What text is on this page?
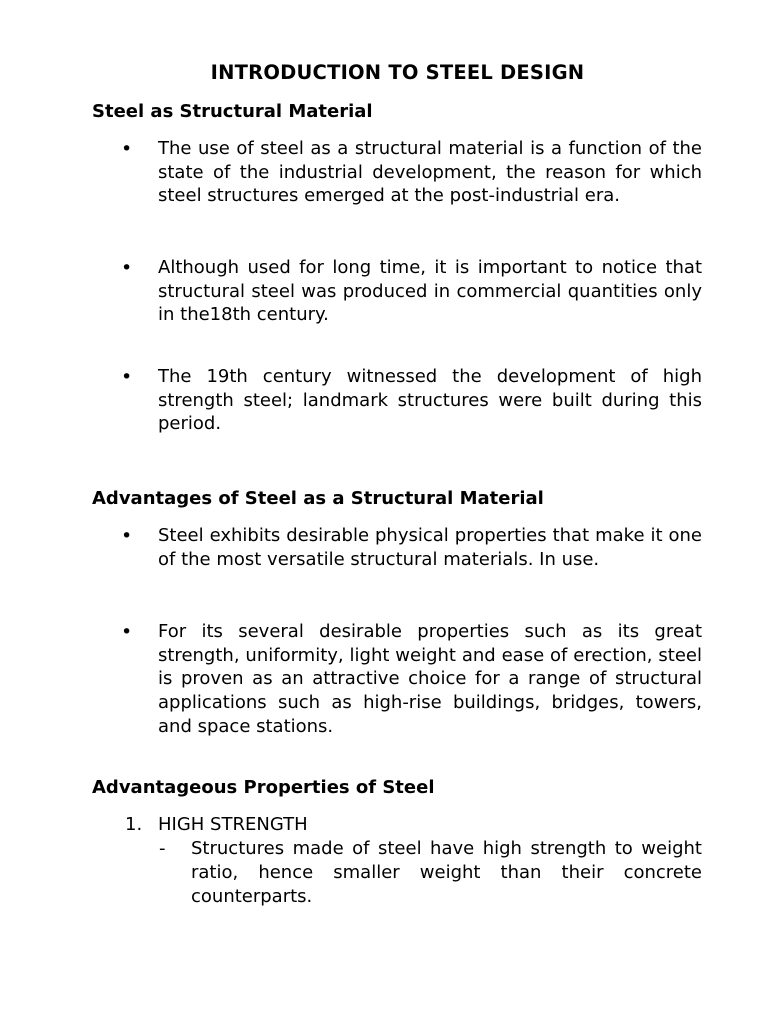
INTRODUCTION TO STEEL DESIGN
Steel as Structural Material
• The use of steel as a structural material is a function of the state of the industrial development, the reason for which steel structures emerged at the post-industrial era.
• Although used for long time, it is important to notice that structural steel was produced in commercial quantities only in the18th century.
• The 19th century witnessed the development of high strength steel; landmark structures were built during this period.
Advantages of Steel as a Structural Material
• Steel exhibits desirable physical properties that make it one of the most versatile structural materials. In use.
• For its several desirable properties such as its great strength, uniformity, light weight and ease of erection, steel is proven as an attractive choice for a range of structural applications such as high-rise buildings, bridges, towers, and space stations.
Advantageous Properties of Steel
1. HIGH STRENGTH
- Structures made of steel have high strength to weight ratio, hence smaller weight than their concrete counterparts.
